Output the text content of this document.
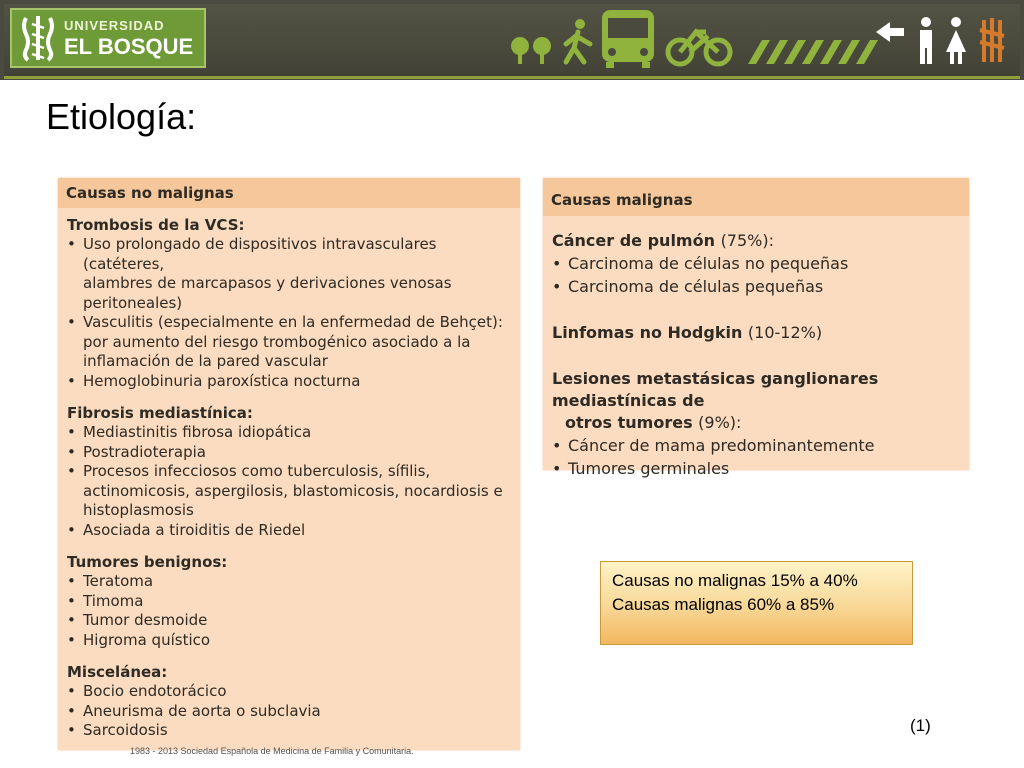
UNIVERSIDAD
EL BOSQUE
Etiología:
Causas no malignas
Trombosis de la VCS:
• Uso prolongado de dispositivos intravasculares (catéteres,
alambres de marcapasos y derivaciones venosas
peritoneales)
• Vasculitis (especialmente en la enfermedad de Behçet):
por aumento del riesgo trombogénico asociado a la
inflamación de la pared vascular
• Hemoglobinuria paroxística nocturna
Fibrosis mediastínica:
• Mediastinitis fibrosa idiopática
• Postradioterapia
• Procesos infecciosos como tuberculosis, sífilis,
actinomicosis, aspergilosis, blastomicosis, nocardiosis e
histoplasmosis
• Asociada a tiroiditis de Riedel
Tumores benignos:
• Teratoma
• Timoma
• Tumor desmoide
• Higroma quístico
Miscelánea:
• Bocio endotorácico
• Aneurisma de aorta o subclavia
• Sarcoidosis
Causas malignas
Cáncer de pulmón (75%):
• Carcinoma de células no pequeñas
• Carcinoma de células pequeñas
Linfomas no Hodgkin (10-12%)
Lesiones metastásicas ganglionares mediastínicas de
otros tumores (9%):
• Cáncer de mama predominantemente
• Tumores germinales
Causas no malignas 15% a 40%
Causas malignas 60% a 85%
(1)
1983 - 2013 Sociedad Española de Medicina de Familia y Comunitaria.
